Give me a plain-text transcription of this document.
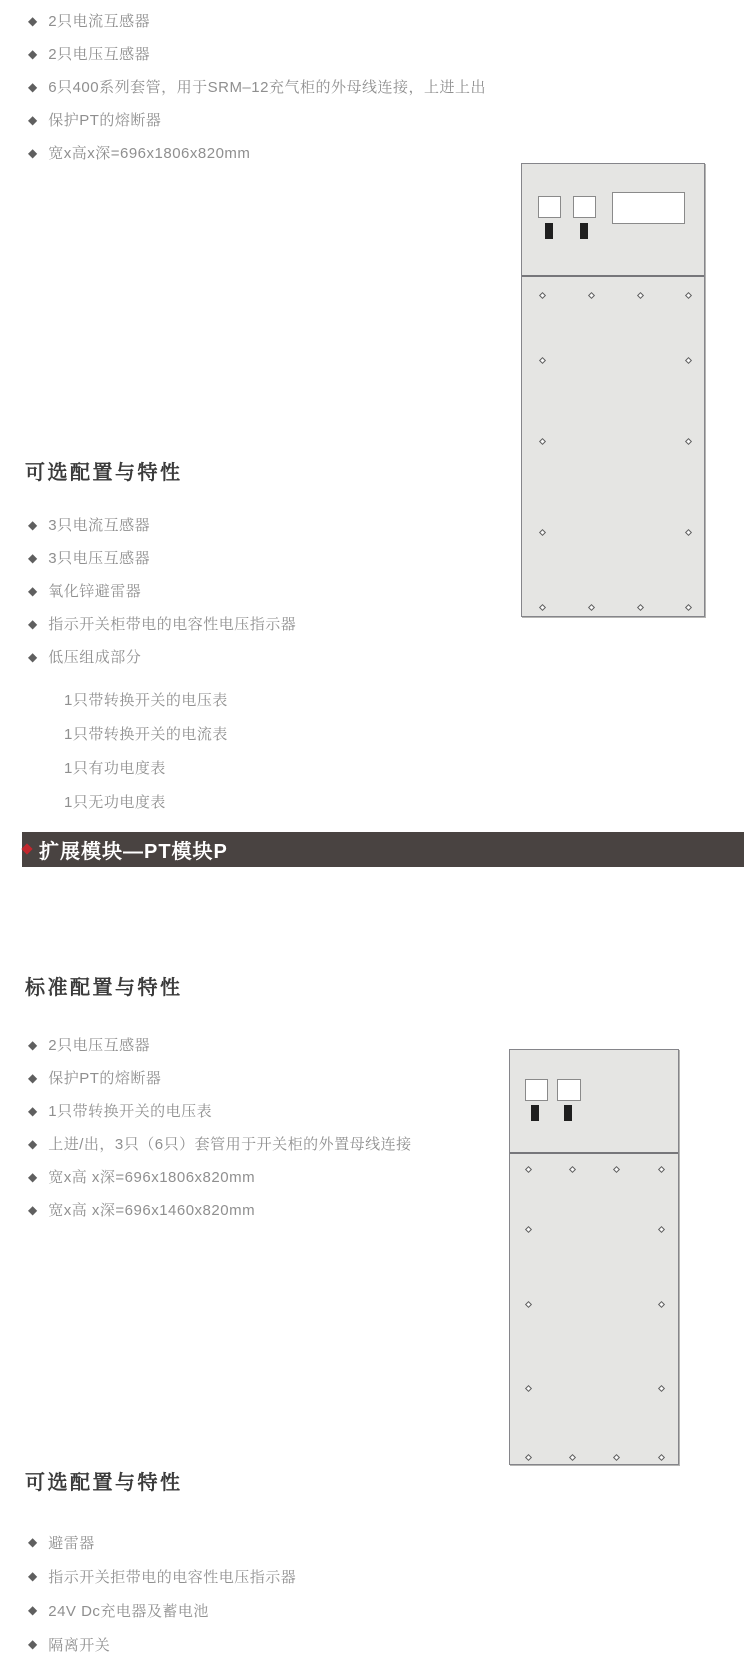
◆ 2只电流互感器
◆ 2只电压互感器
◆ 6只400系列套管，用于SRM–12充气柜的外母线连接，上进上出
◆ 保护PT的熔断器
◆ 宽x高x深=696x1806x820mm
可选配置与特性
◆ 3只电流互感器
◆ 3只电压互感器
◆ 氧化锌避雷器
◆ 指示开关柜带电的电容性电压指示器
◆ 低压组成部分
1只带转换开关的电压表
1只带转换开关的电流表
1只有功电度表
1只无功电度表
扩展模块—PT模块P
标准配置与特性
◆ 2只电压互感器
◆ 保护PT的熔断器
◆ 1只带转换开关的电压表
◆ 上进/出，3只（6只）套管用于开关柜的外置母线连接
◆ 宽x高 x深=696x1806x820mm
◆ 宽x高 x深=696x1460x820mm
可选配置与特性
◆ 避雷器
◆ 指示开关拒带电的电容性电压指示器
◆ 24V Dc充电器及蓄电池
◆ 隔离开关
